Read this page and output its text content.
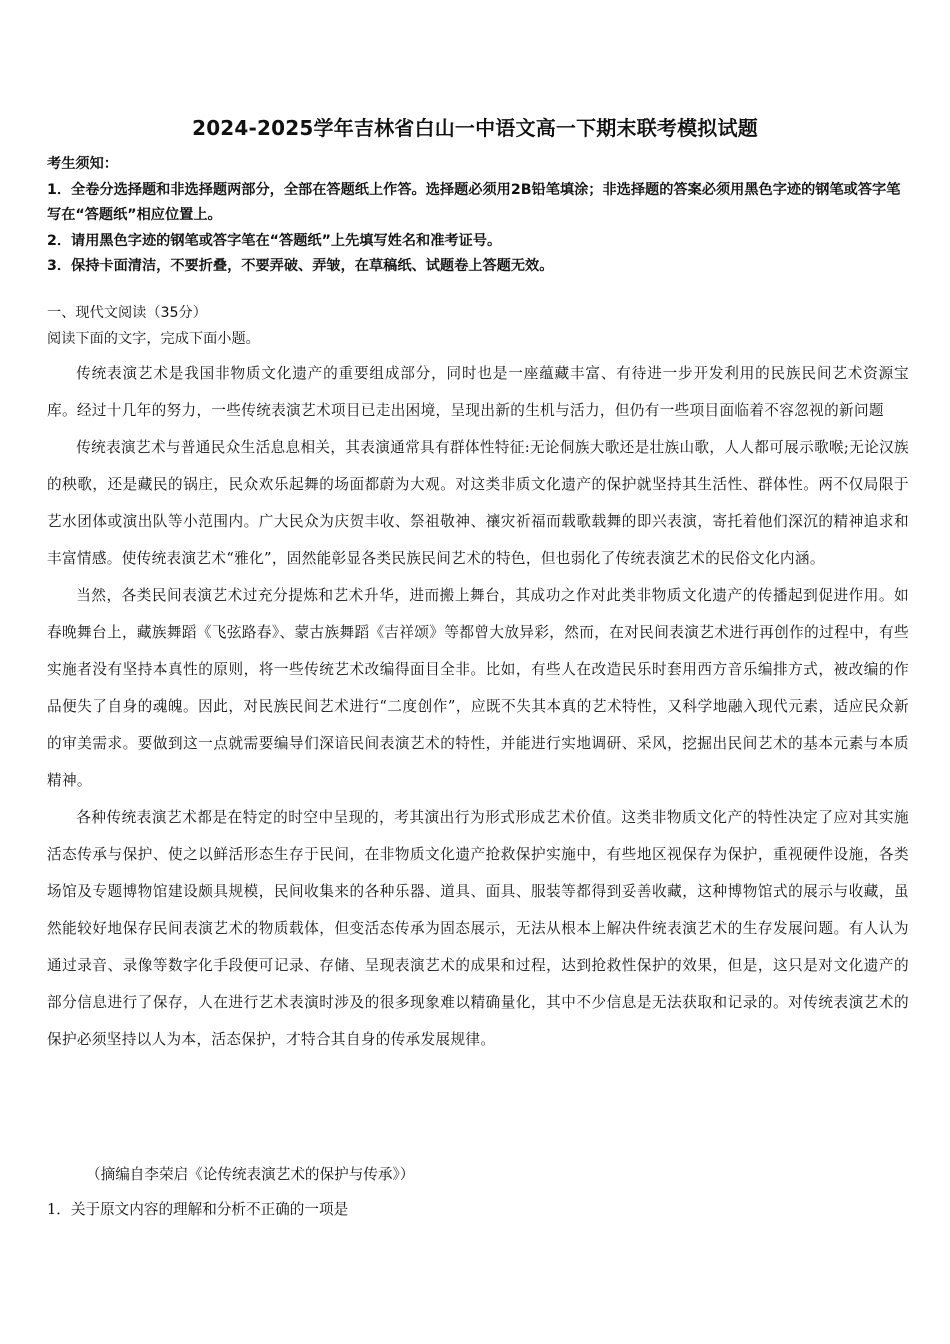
2024-2025学年吉林省白山一中语文高一下期末联考模拟试题

考生须知：

1．全卷分选择题和非选择题两部分，全部在答题纸上作答。选择题必须用2B铅笔填涂；非选择题的答案必须用黑色字迹的钢笔或答字笔写在“答题纸”相应位置上。

2．请用黑色字迹的钢笔或答字笔在“答题纸”上先填写姓名和准考证号。

3．保持卡面清洁，不要折叠，不要弄破、弄皱，在草稿纸、试题卷上答题无效。

一、现代文阅读（35分）

阅读下面的文字，完成下面小题。

传统表演艺术是我国非物质文化遗产的重要组成部分，同时也是一座蕴藏丰富、有待进一步开发利用的民族民间艺术资源宝库。经过十几年的努力，一些传统表演艺术项目已走出困境，呈现出新的生机与活力，但仍有一些项目面临着不容忽视的新问题

传统表演艺术与普通民众生活息息相关，其表演通常具有群体性特征:无论侗族大歌还是壮族山歌，人人都可展示歌喉;无论汉族的秧歌，还是藏民的锅庄，民众欢乐起舞的场面都蔚为大观。对这类非质文化遗产的保护就坚持其生活性、群体性。两不仅局限于艺水团体或演出队等小范围内。广大民众为庆贺丰收、祭祖敬神、禳灾祈福而载歌载舞的即兴表演，寄托着他们深沉的精神追求和丰富情感。使传统表演艺术“雅化”，固然能彰显各类民族民间艺术的特色，但也弱化了传统表演艺术的民俗文化内涵。

当然，各类民间表演艺术过充分提炼和艺术升华，进而搬上舞台，其成功之作对此类非物质文化遗产的传播起到促进作用。如春晚舞台上，藏族舞蹈《飞弦路春》、蒙古族舞蹈《吉祥颂》等都曾大放异彩，然而，在对民间表演艺术进行再创作的过程中，有些实施者没有坚持本真性的原则，将一些传统艺术改编得面目全非。比如，有些人在改造民乐时套用西方音乐编排方式，被改编的作品便失了自身的魂魄。因此，对民族民间艺术进行“二度创作”，应既不失其本真的艺术特性，又科学地融入现代元素，适应民众新的审美需求。要做到这一点就需要编导们深谙民间表演艺术的特性，并能进行实地调研、采风，挖掘出民间艺术的基本元素与本质精神。

各种传统表演艺术都是在特定的时空中呈现的，考其演出行为形式形成艺术价值。这类非物质文化产的特性决定了应对其实施活态传承与保护、使之以鲜活形态生存于民间，在非物质文化遗产抢救保护实施中，有些地区视保存为保护，重视硬件设施，各类场馆及专题博物馆建设颇具规模，民间收集来的各种乐器、道具、面具、服装等都得到妥善收藏，这种博物馆式的展示与收藏，虽然能较好地保存民间表演艺术的物质载体，但变活态传承为固态展示，无法从根本上解决件统表演艺术的生存发展问题。有人认为通过录音、录像等数字化手段便可记录、存储、呈现表演艺术的成果和过程，达到抢救性保护的效果，但是，这只是对文化遗产的部分信息进行了保存，人在进行艺术表演时涉及的很多现象难以精确量化，其中不少信息是无法获取和记录的。对传统表演艺术的保护必须坚持以人为本，活态保护，才特合其自身的传承发展规律。

（摘编自李荣启《论传统表演艺术的保护与传承》）

1．关于原文内容的理解和分析不正确的一项是
